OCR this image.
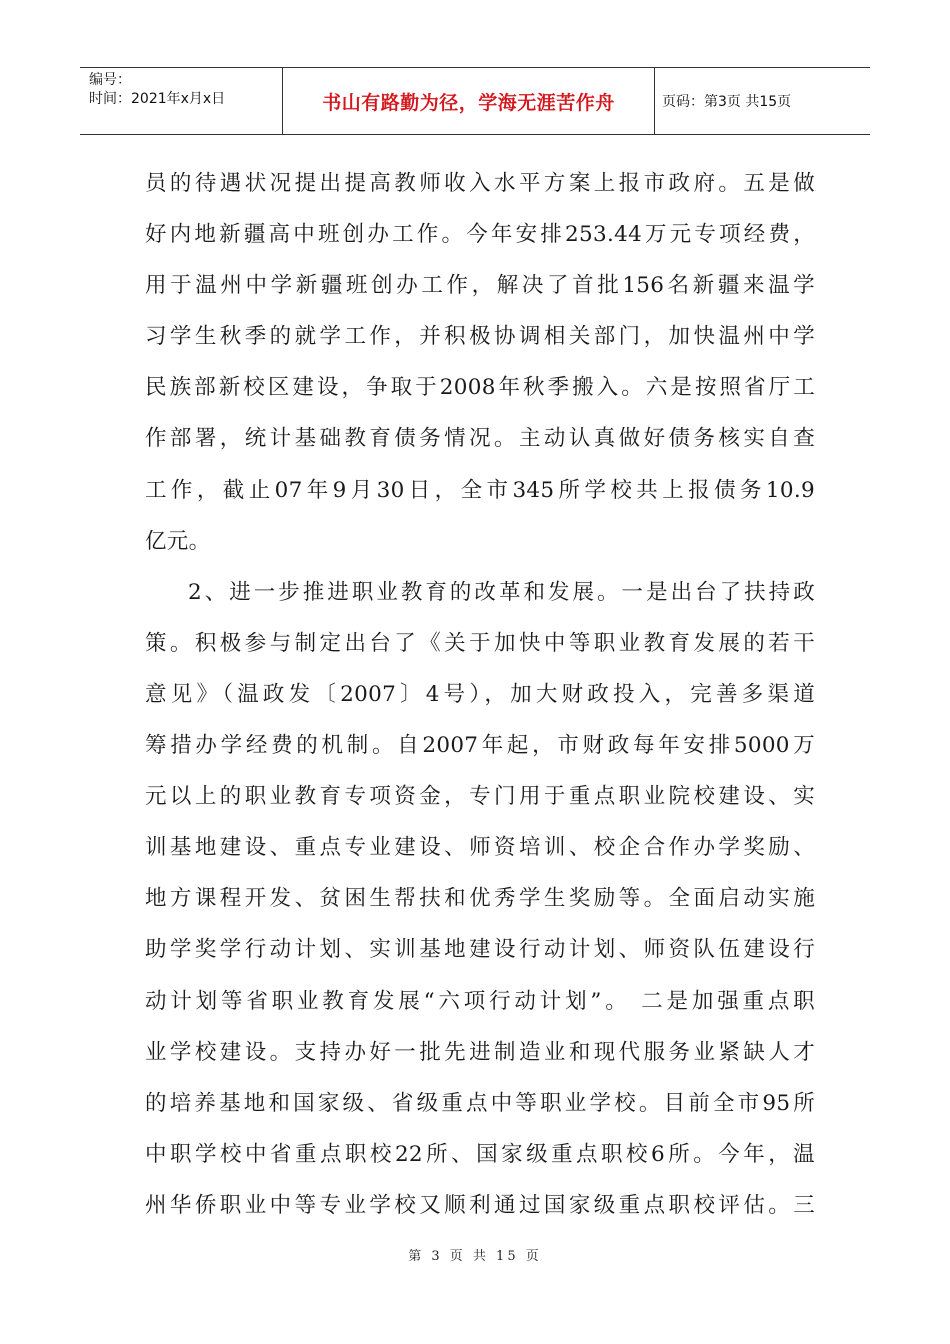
编号：
时间：2021年x月x日	书山有路勤为径，学海无涯苦作舟	页码：第3页 共15页
员的待遇状况提出提高教师收入水平方案上报市政府。五是做
好内地新疆高中班创办工作。今年安排253.44万元专项经费，
用于温州中学新疆班创办工作，解决了首批156名新疆来温学
习学生秋季的就学工作，并积极协调相关部门，加快温州中学
民族部新校区建设，争取于2008年秋季搬入。六是按照省厅工
作部署，统计基础教育债务情况。主动认真做好债务核实自查
工作，截止07年9月30日，全市345所学校共上报债务10.9
亿元。
2、进一步推进职业教育的改革和发展。一是出台了扶持政
策。积极参与制定出台了《关于加快中等职业教育发展的若干
意见》（温政发〔2007〕4号），加大财政投入，完善多渠道
筹措办学经费的机制。自2007年起，市财政每年安排5000万
元以上的职业教育专项资金，专门用于重点职业院校建设、实
训基地建设、重点专业建设、师资培训、校企合作办学奖励、
地方课程开发、贫困生帮扶和优秀学生奖励等。全面启动实施
助学奖学行动计划、实训基地建设行动计划、师资队伍建设行
动计划等省职业教育发展“六项行动计划”。 二是加强重点职
业学校建设。支持办好一批先进制造业和现代服务业紧缺人才
的培养基地和国家级、省级重点中等职业学校。目前全市95所
中职学校中省重点职校22所、国家级重点职校6所。今年，温
州华侨职业中等专业学校又顺利通过国家级重点职校评估。三
第 3 页 共 15 页
